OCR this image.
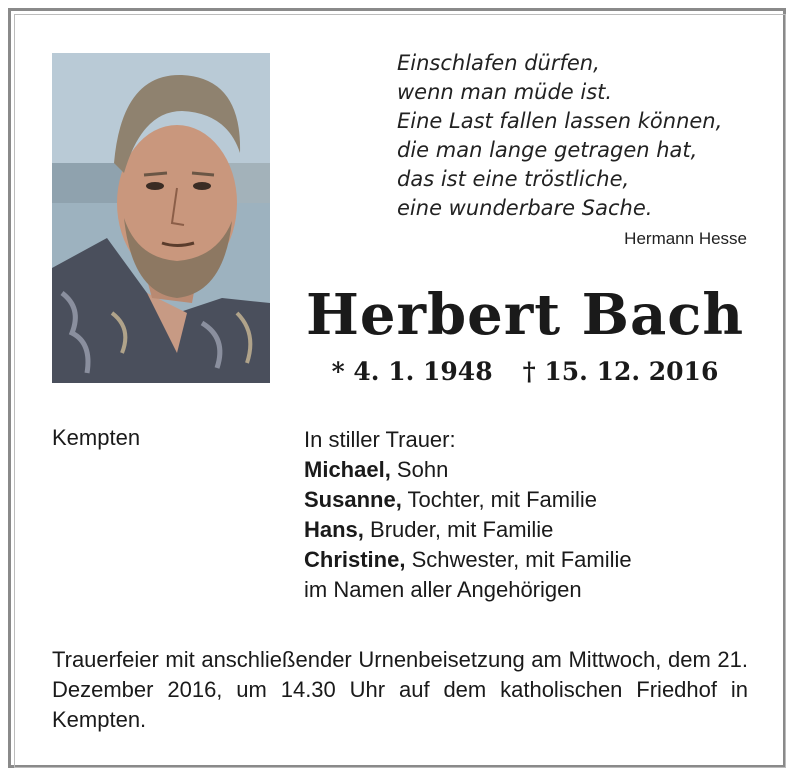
Einschlafen dürfen,
wenn man müde ist.
Eine Last fallen lassen können,
die man lange getragen hat,
das ist eine tröstliche,
eine wunderbare Sache.
Hermann Hesse
Herbert Bach
* 4. 1. 1948 † 15. 12. 2016
Kempten	In stiller Trauer:
Michael, Sohn
Susanne, Tochter, mit Familie
Hans, Bruder, mit Familie
Christine, Schwester, mit Familie
im Namen aller Angehörigen
Trauerfeier mit anschließender Urnenbeisetzung am Mittwoch, dem 21. Dezember 2016, um 14.30 Uhr auf dem katholischen Friedhof in Kempten.
